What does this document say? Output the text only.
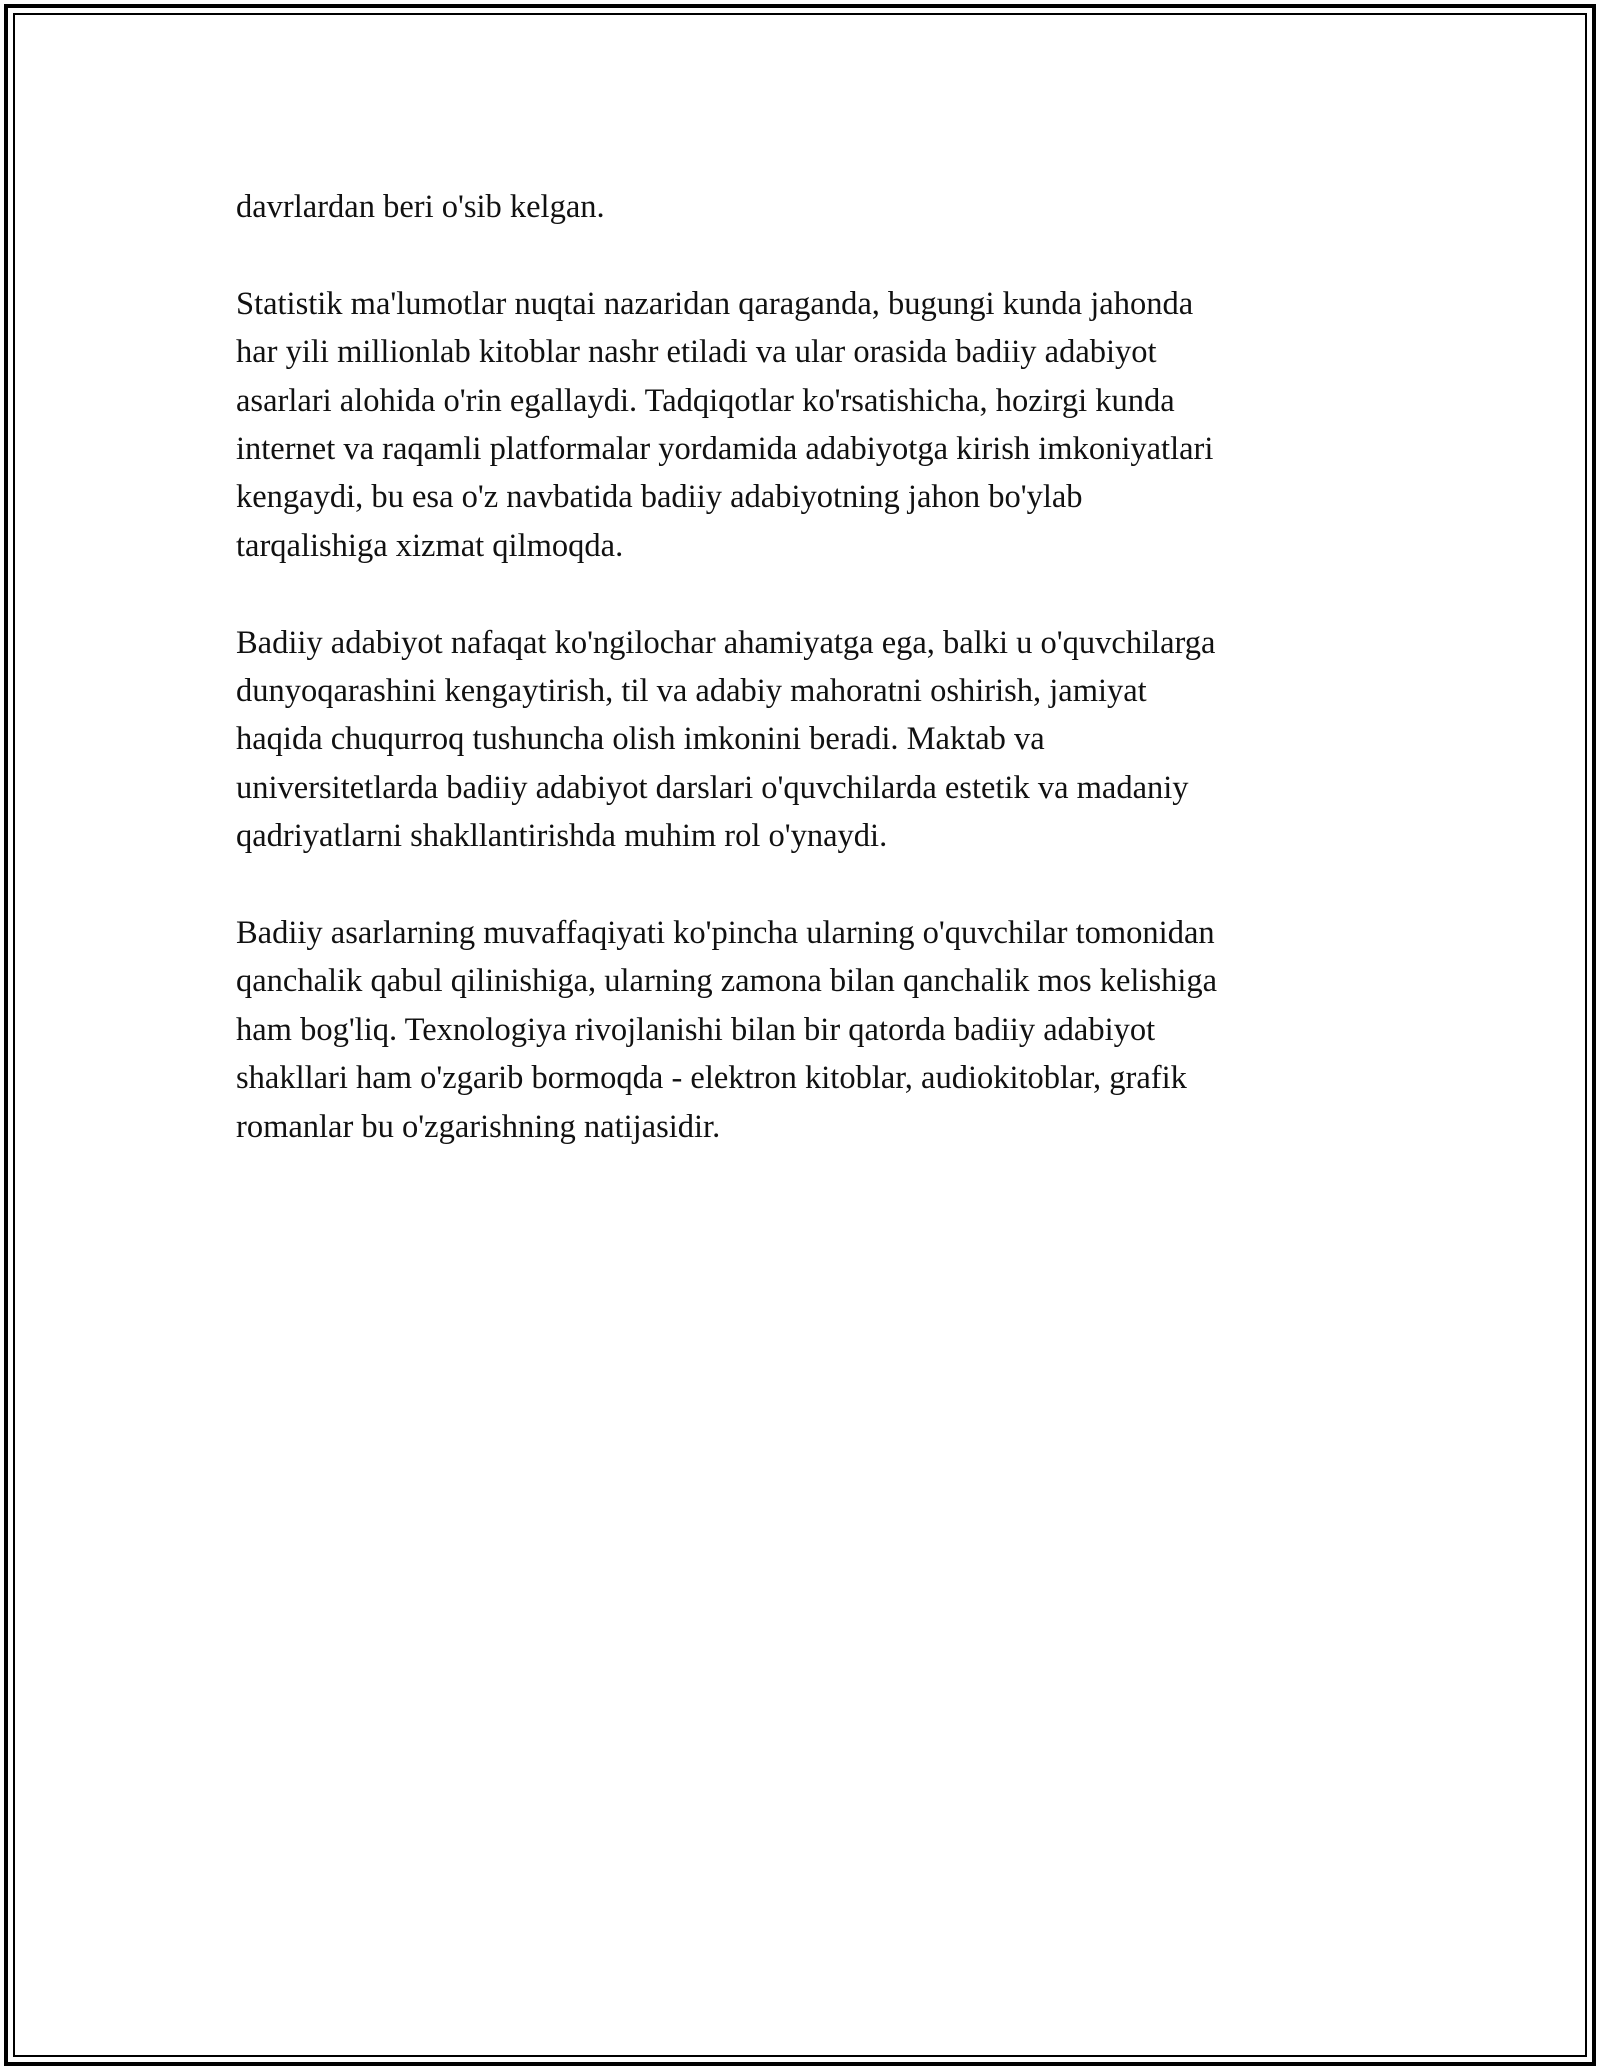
davrlardan beri o'sib kelgan.

Statistik ma'lumotlar nuqtai nazaridan qaraganda, bugungi kunda jahonda
har yili millionlab kitoblar nashr etiladi va ular orasida badiiy adabiyot
asarlari alohida o'rin egallaydi. Tadqiqotlar ko'rsatishicha, hozirgi kunda
internet va raqamli platformalar yordamida adabiyotga kirish imkoniyatlari
kengaydi, bu esa o'z navbatida badiiy adabiyotning jahon bo'ylab
tarqalishiga xizmat qilmoqda.

Badiiy adabiyot nafaqat ko'ngilochar ahamiyatga ega, balki u o'quvchilarga
dunyoqarashini kengaytirish, til va adabiy mahoratni oshirish, jamiyat
haqida chuqurroq tushuncha olish imkonini beradi. Maktab va
universitetlarda badiiy adabiyot darslari o'quvchilarda estetik va madaniy
qadriyatlarni shakllantirishda muhim rol o'ynaydi.

Badiiy asarlarning muvaffaqiyati ko'pincha ularning o'quvchilar tomonidan
qanchalik qabul qilinishiga, ularning zamona bilan qanchalik mos kelishiga
ham bog'liq. Texnologiya rivojlanishi bilan bir qatorda badiiy adabiyot
shakllari ham o'zgarib bormoqda - elektron kitoblar, audiokitoblar, grafik
romanlar bu o'zgarishning natijasidir.
